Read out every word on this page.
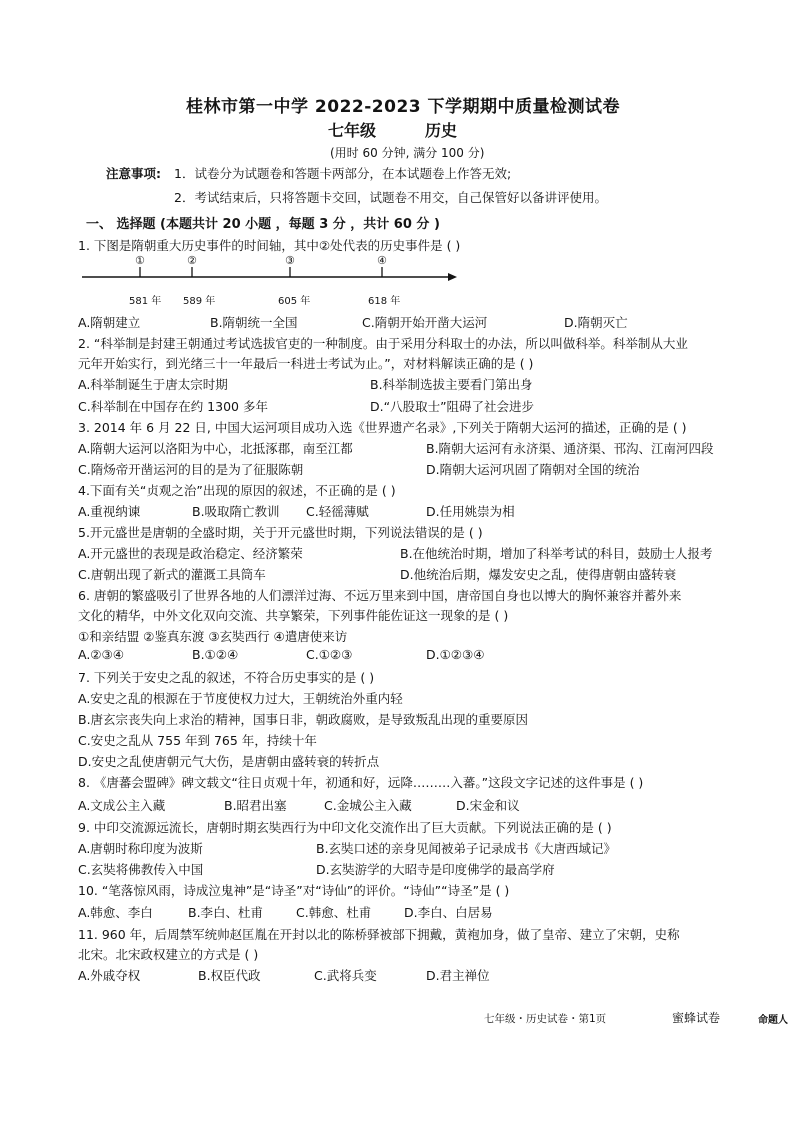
桂林市第一中学 2022-2023 下学期期中质量检测试卷
七年级	历史
(用时 60 分钟, 满分 100 分)
注意事项: 1．试卷分为试题卷和答题卡两部分，在本试题卷上作答无效;
2．考试结束后，只将答题卡交回，试题卷不用交，自己保管好以备讲评使用。
一、 选择题 (本题共计 20 小题 ，每题 3 分 ，共计 60 分 )
1. 下图是隋朝重大历史事件的时间轴，其中②处代表的历史事件是 ( )
①	②	③	④
581 年 589 年	605 年	618 年
A.隋朝建立	B.隋朝统一全国	C.隋朝开始开凿大运河	D.隋朝灭亡
2. “科举制是封建王朝通过考试选拔官吏的一种制度。由于采用分科取士的办法，所以叫做科举。科举制从大业
元年开始实行，到光绪三十一年最后一科进士考试为止。”，对材料解读正确的是 ( )
A.科举制诞生于唐太宗时期	B.科举制选拔主要看门第出身
C.科举制在中国存在约 1300 多年	D.“八股取士”阻碍了社会进步
3. 2014 年 6 月 22 日, 中国大运河项目成功入选《世界遗产名录》,下列关于隋朝大运河的描述，正确的是 ( )
A.隋朝大运河以洛阳为中心，北抵涿郡，南至江都	B.隋朝大运河有永济渠、通济渠、邗沟、江南河四段
C.隋炀帝开凿运河的目的是为了征服陈朝	D.隋朝大运河巩固了隋朝对全国的统治
4.下面有关“贞观之治”出现的原因的叙述，不正确的是 ( )
A.重视纳谏	B.吸取隋亡教训 C.轻徭薄赋	D.任用姚崇为相
5.开元盛世是唐朝的全盛时期，关于开元盛世时期，下列说法错误的是 ( )
A.开元盛世的表现是政治稳定、经济繁荣	B.在他统治时期，增加了科举考试的科目，鼓励士人报考
C.唐朝出现了新式的灌溉工具筒车	D.他统治后期，爆发安史之乱，使得唐朝由盛转衰
6. 唐朝的繁盛吸引了世界各地的人们漂洋过海、不远万里来到中国，唐帝国自身也以博大的胸怀兼容并蓄外来
文化的精华，中外文化双向交流、共享繁荣，下列事件能佐证这一现象的是 ( )
①和亲结盟 ②鉴真东渡 ③玄奘西行 ④遣唐使来访
A.②③④	B.①②④	C.①②③	D.①②③④
7. 下列关于安史之乱的叙述，不符合历史事实的是 ( )
A.安史之乱的根源在于节度使权力过大，王朝统治外重内轻
B.唐玄宗丧失向上求治的精神，国事日非，朝政腐败，是导致叛乱出现的重要原因
C.安史之乱从 755 年到 765 年，持续十年
D.安史之乱使唐朝元气大伤，是唐朝由盛转衰的转折点
8. 《唐蕃会盟碑》碑文载文“往日贞观十年，初通和好，远降………入蕃。”这段文字记述的这件事是 ( )
A.文成公主入藏	B.昭君出塞	C.金城公主入藏	D.宋金和议
9. 中印交流源远流长，唐朝时期玄奘西行为中印文化交流作出了巨大贡献。下列说法正确的是 ( )
A.唐朝时称印度为波斯	B.玄奘口述的亲身见闻被弟子记录成书《大唐西域记》
C.玄奘将佛教传入中国	D.玄奘游学的大昭寺是印度佛学的最高学府
10. “笔落惊风雨，诗成泣鬼神”是“诗圣”对“诗仙”的评价。“诗仙”“诗圣”是 ( )
A.韩愈、李白	B.李白、杜甫	C.韩愈、杜甫	D.李白、白居易
11. 960 年，后周禁军统帅赵匡胤在开封以北的陈桥驿被部下拥戴，黄袍加身，做了皇帝、建立了宋朝，史称
北宋。北宋政权建立的方式是 ( )
A.外戚夺权	B.权臣代政	C.武将兵变	D.君主禅位
七年级・历史试卷・第1页	蜜蜂试卷	命题人
